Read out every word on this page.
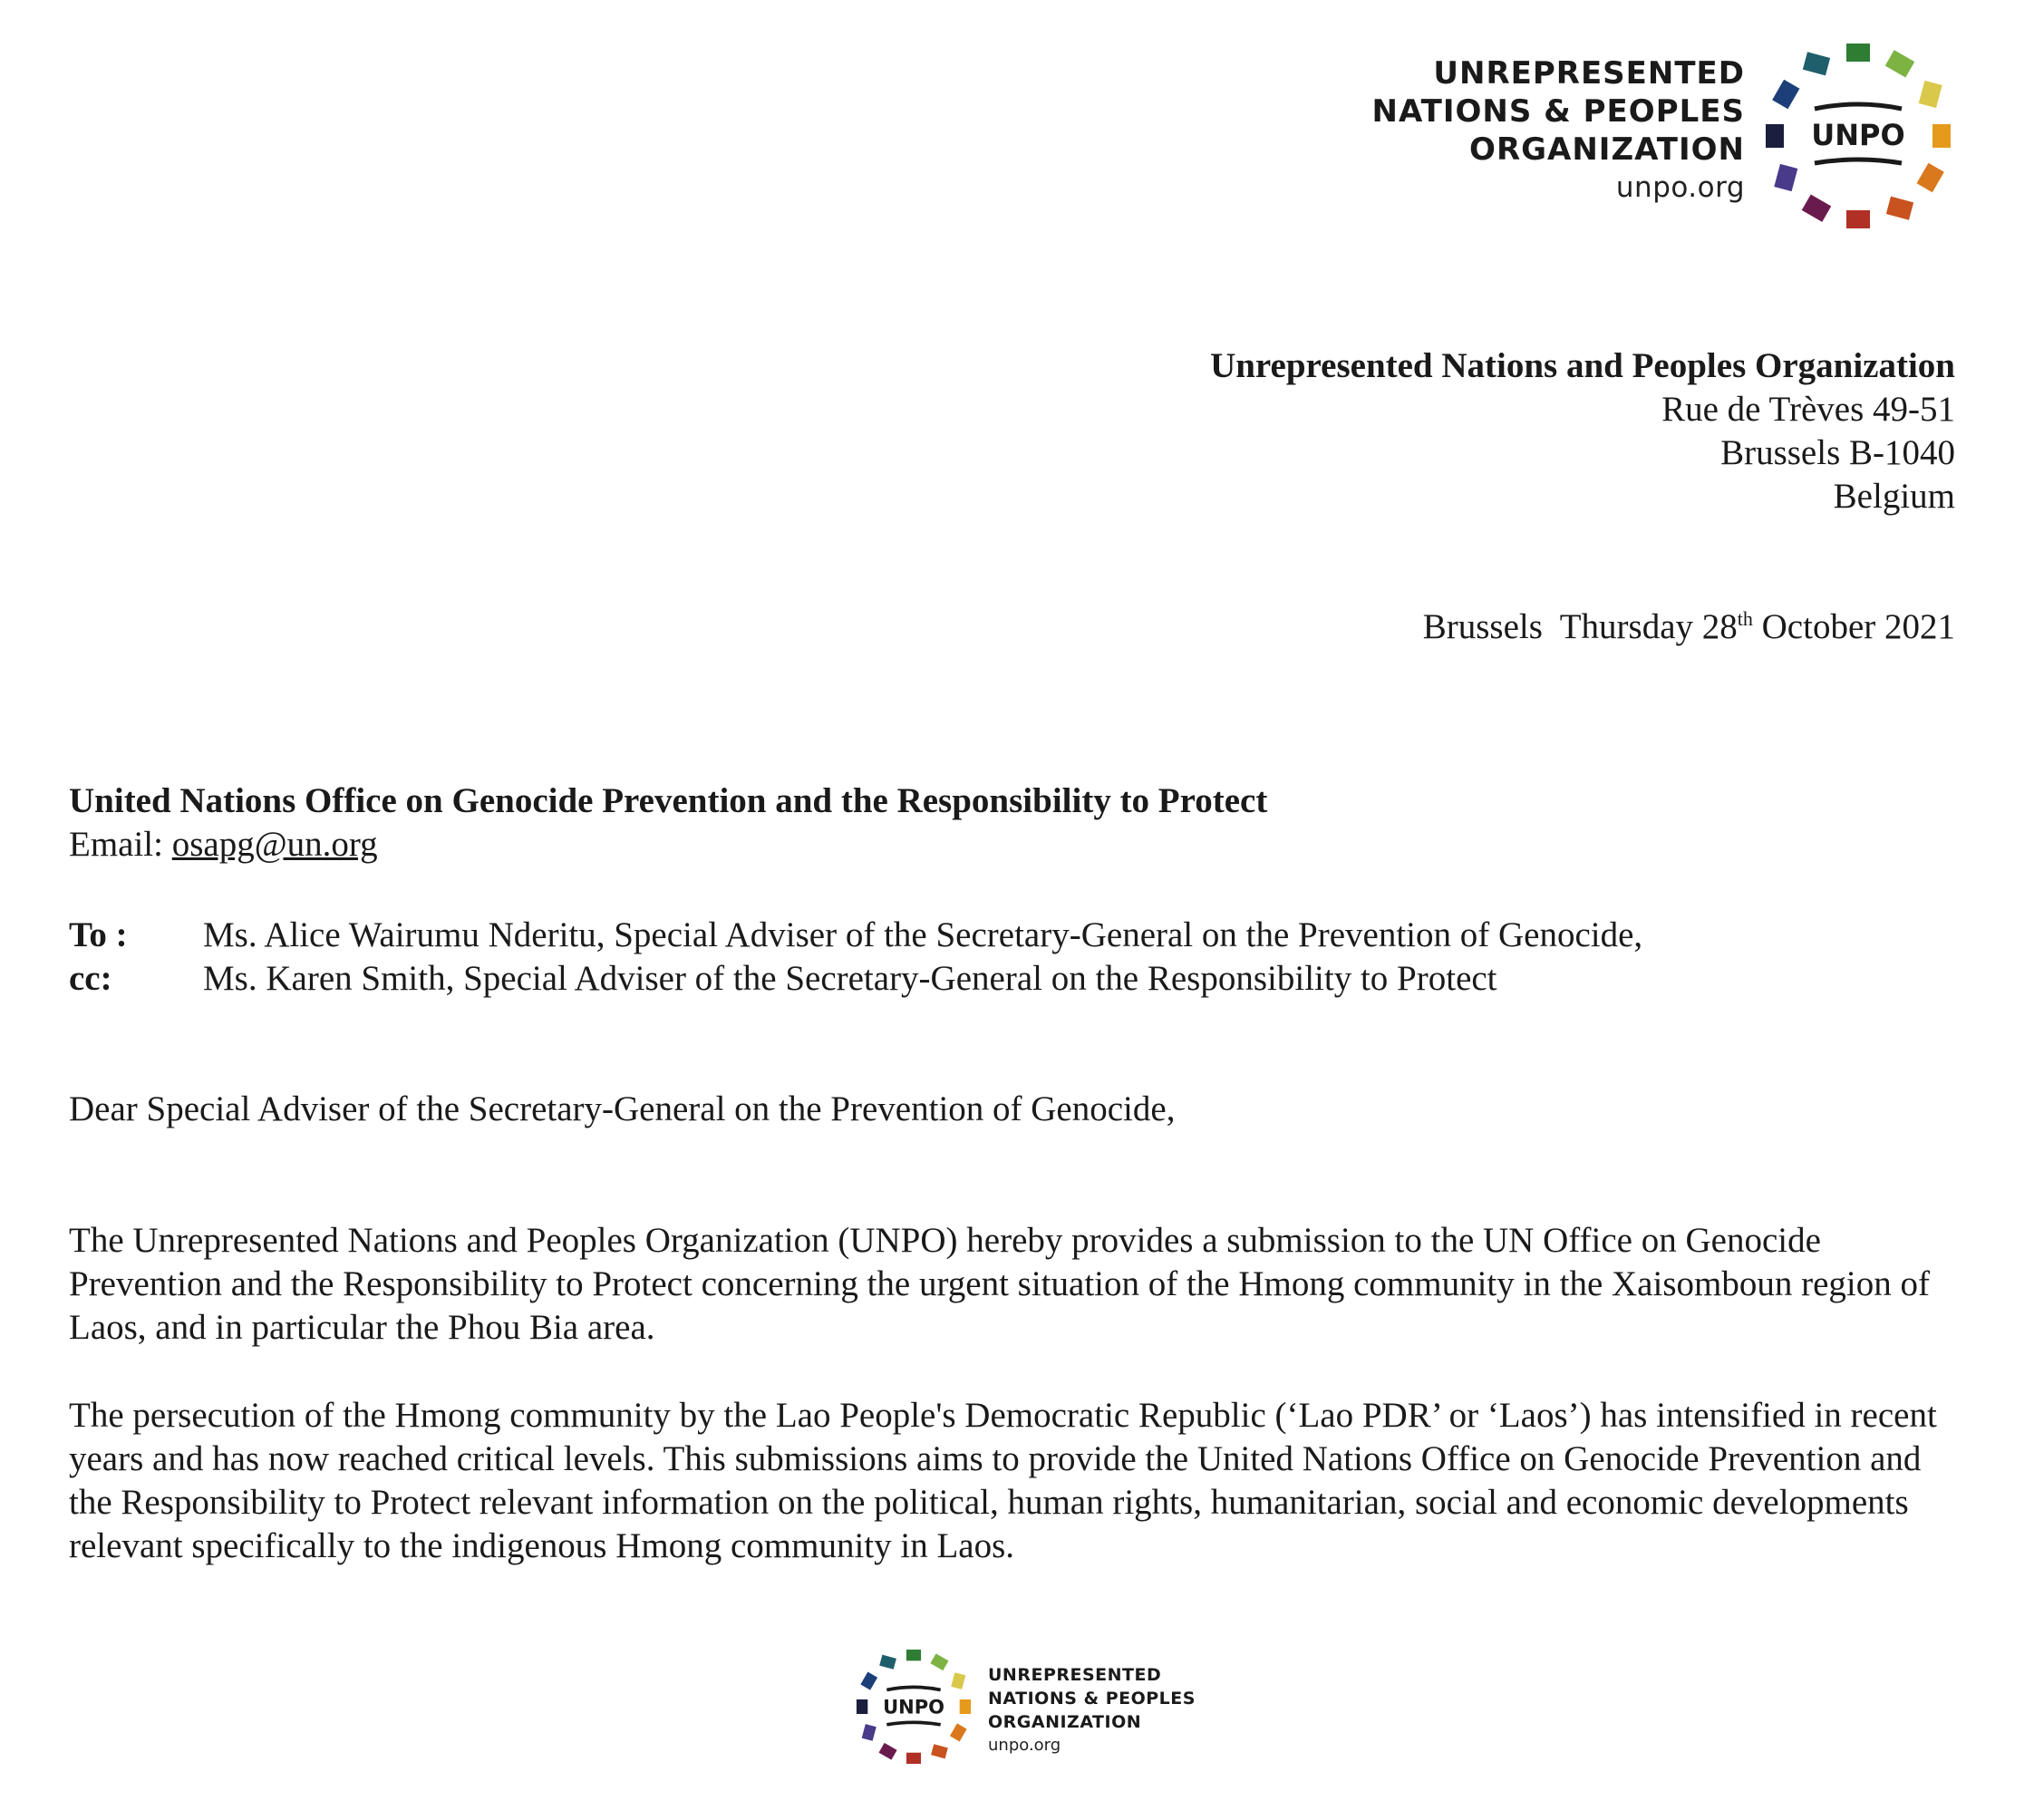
UNREPRESENTED
NATIONS & PEOPLES
ORGANIZATION
unpo.org
UNPO
Unrepresented Nations and Peoples Organization
Rue de Trèves 49-51
Brussels B-1040
Belgium
Brussels Thursday 28th October 2021
United Nations Office on Genocide Prevention and the Responsibility to Protect
Email: osapg@un.org
To :	Ms. Alice Wairumu Nderitu, Special Adviser of the Secretary-General on the Prevention of Genocide,
cc:	Ms. Karen Smith, Special Adviser of the Secretary-General on the Responsibility to Protect
Dear Special Adviser of the Secretary-General on the Prevention of Genocide,

The Unrepresented Nations and Peoples Organization (UNPO) hereby provides a submission to the UN Office on Genocide Prevention and the Responsibility to Protect concerning the urgent situation of the Hmong community in the Xaisomboun region of Laos, and in particular the Phou Bia area.

The persecution of the Hmong community by the Lao People's Democratic Republic (‘Lao PDR’ or ‘Laos’) has intensified in recent years and has now reached critical levels. This submissions aims to provide the United Nations Office on Genocide Prevention and the Responsibility to Protect relevant information on the political, human rights, humanitarian, social and economic developments relevant specifically to the indigenous Hmong community in Laos.

UNPO
UNREPRESENTED
NATIONS & PEOPLES
ORGANIZATION
unpo.org
